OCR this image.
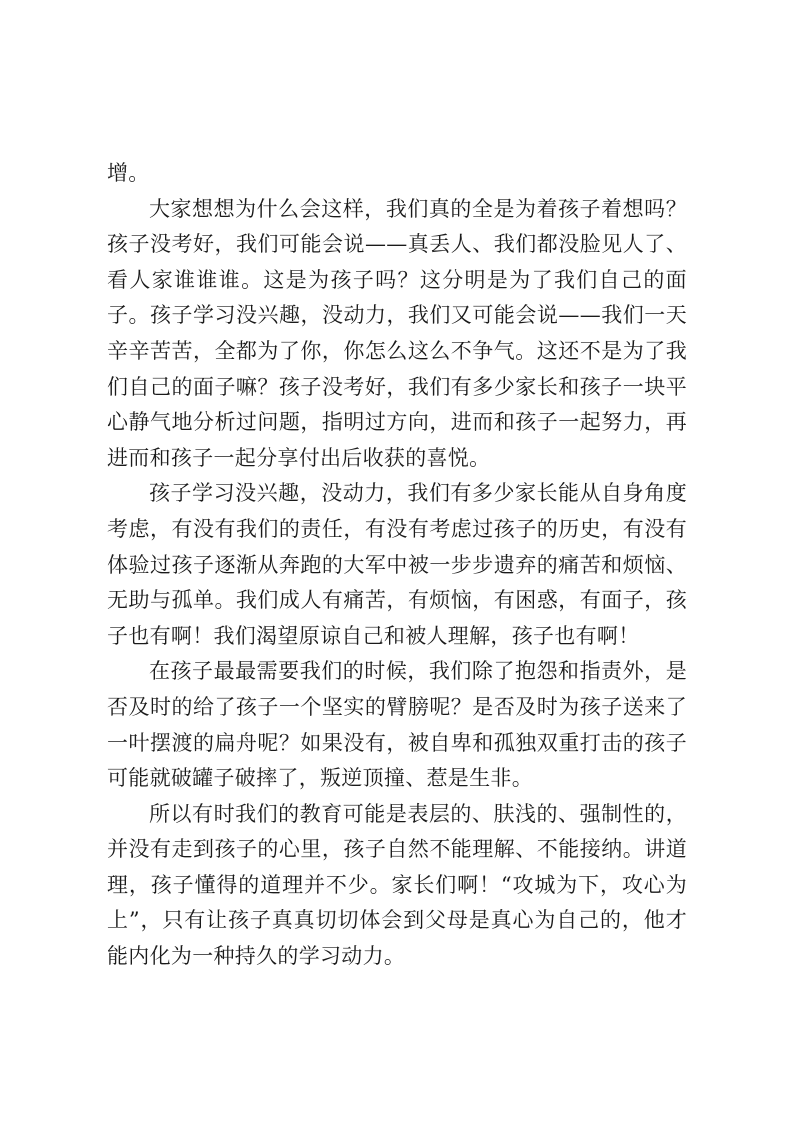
增。

大家想想为什么会这样，我们真的全是为着孩子着想吗？孩子没考好，我们可能会说——真丢人、我们都没脸见人了、看人家谁谁谁。这是为孩子吗？这分明是为了我们自己的面子。孩子学习没兴趣，没动力，我们又可能会说——我们一天辛辛苦苦，全都为了你，你怎么这么不争气。这还不是为了我们自己的面子嘛？孩子没考好，我们有多少家长和孩子一块平心静气地分析过问题，指明过方向，进而和孩子一起努力，再进而和孩子一起分享付出后收获的喜悦。

孩子学习没兴趣，没动力，我们有多少家长能从自身角度考虑，有没有我们的责任，有没有考虑过孩子的历史，有没有体验过孩子逐渐从奔跑的大军中被一步步遗弃的痛苦和烦恼、无助与孤单。我们成人有痛苦，有烦恼，有困惑，有面子，孩子也有啊！我们渴望原谅自己和被人理解，孩子也有啊！

在孩子最最需要我们的时候，我们除了抱怨和指责外，是否及时的给了孩子一个坚实的臂膀呢？是否及时为孩子送来了一叶摆渡的扁舟呢？如果没有，被自卑和孤独双重打击的孩子可能就破罐子破摔了，叛逆顶撞、惹是生非。

所以有时我们的教育可能是表层的、肤浅的、强制性的，并没有走到孩子的心里，孩子自然不能理解、不能接纳。讲道理，孩子懂得的道理并不少。家长们啊！“攻城为下，攻心为上”，只有让孩子真真切切体会到父母是真心为自己的，他才能内化为一种持久的学习动力。
